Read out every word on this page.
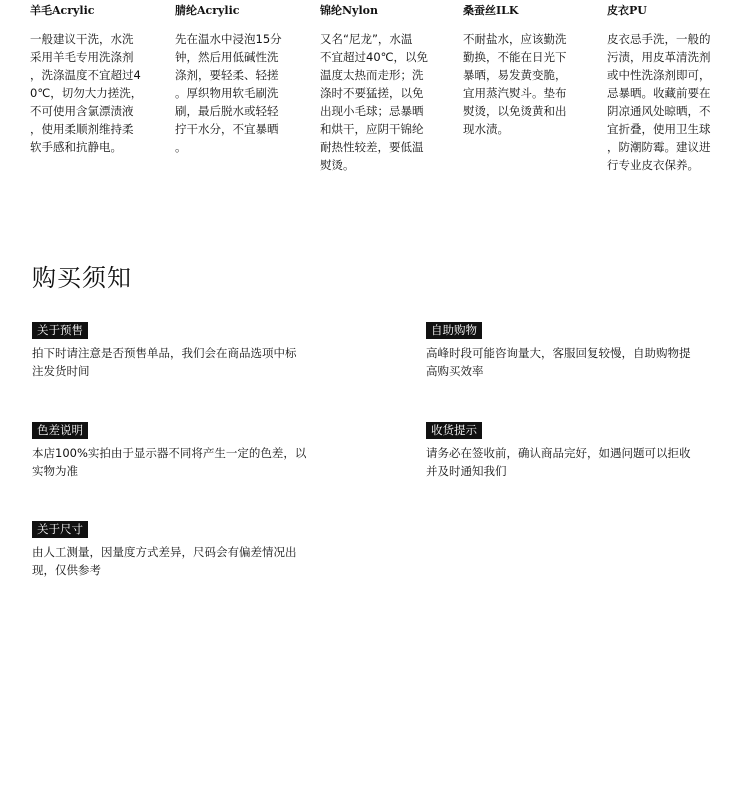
羊毛Acrylic
一般建议干洗，水洗
采用羊毛专用洗涤剂
，洗涤温度不宜超过4
0℃，切勿大力搓洗，
不可使用含氯漂渍液
，使用柔顺剂维持柔
软手感和抗静电。
腈纶Acrylic
先在温水中浸泡15分
钟，然后用低碱性洗
涤剂，要轻柔、轻搓
。厚织物用软毛刷洗
刷，最后脱水或轻轻
拧干水分，不宜暴晒
。
锦纶Nylon
又名“尼龙”，水温
不宜超过40℃，以免
温度太热而走形；洗
涤时不要猛搓，以免
出现小毛球；忌暴晒
和烘干，应阴干锦纶
耐热性较差，要低温
熨烫。
桑蚕丝ILK
不耐盐水，应该勤洗
勤换，不能在日光下
暴晒，易发黄变脆，
宜用蒸汽熨斗。垫布
熨烫，以免烫黄和出
现水渍。
皮衣PU
皮衣忌手洗，一般的
污渍，用皮革清洗剂
或中性洗涤剂即可，
忌暴晒。收藏前要在
阴凉通风处晾晒，不
宜折叠，使用卫生球
，防潮防霉。建议进
行专业皮衣保养。
购买须知
关于预售
拍下时请注意是否预售单品，我们会在商品选项中标
注发货时间
自助购物
高峰时段可能咨询量大，客服回复较慢，自助购物提
高购买效率
色差说明
本店100%实拍由于显示器不同将产生一定的色差，以
实物为准
收货提示
请务必在签收前，确认商品完好，如遇问题可以拒收
并及时通知我们
关于尺寸
由人工测量，因量度方式差异，尺码会有偏差情况出
现，仅供参考
